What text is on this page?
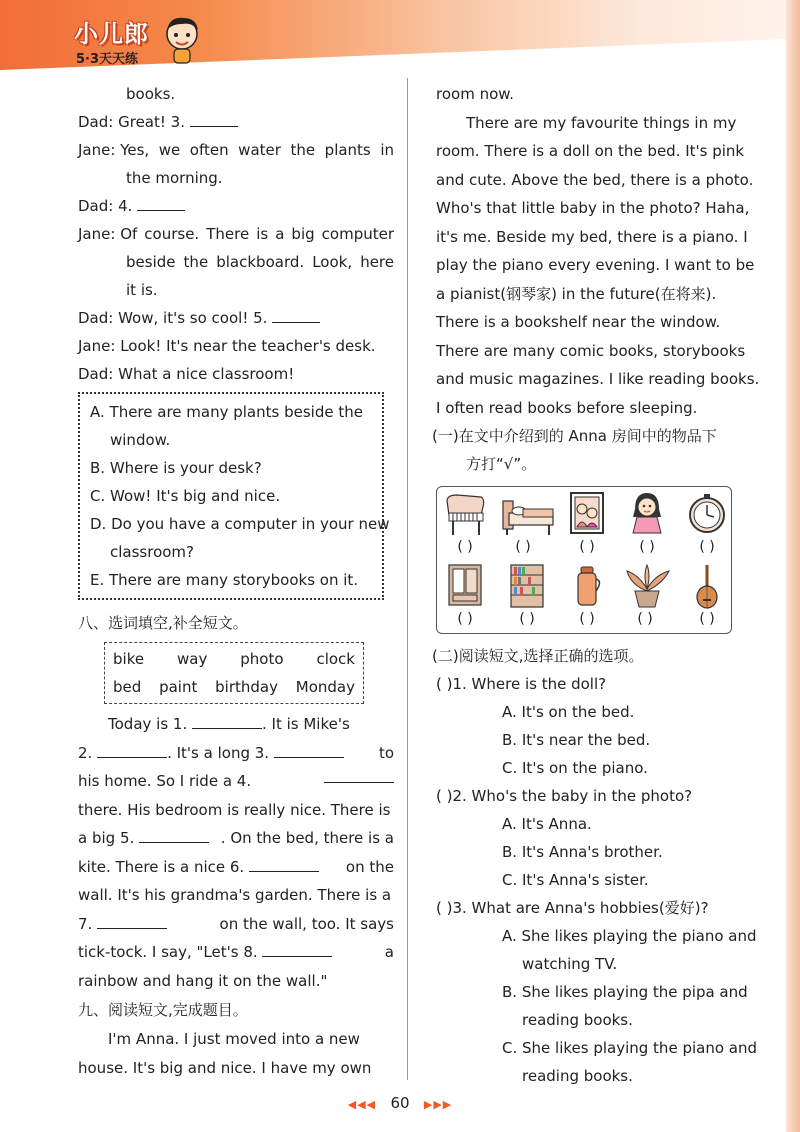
小儿郎
5·3天天练
books.
Dad: Great! 3.
Jane:
Yes, we often water the plants in
the morning.
Dad: 4.
Jane:
Of course. There is a big computer
beside the blackboard. Look, here
it is.
Dad: Wow, it's so cool! 5.
Jane: Look! It's near the teacher's desk.
Dad: What a nice classroom!
A. There are many plants beside the
window.
B. Where is your desk?
C. Wow! It's big and nice.
D. Do you have a computer in your new
classroom?
E. There are many storybooks on it.
八、选词填空,补全短文。
bike way photo clock
bed paint birthday Monday
Today is 1.	. It is Mike's
2.	. It's a long 3.	to
his home. So I ride a 4.
there. His bedroom is really nice. There is
a big 5.	. On the bed, there is a
kite. There is a nice 6.	on the
wall. It's his grandma's garden. There is a
7.	on the wall, too. It says
tick-tock. I say, "Let's 8.	a
rainbow and hang it on the wall."
九、阅读短文,完成题目。
I'm Anna. I just moved into a new
house. It's big and nice. I have my own
room now.
There are my favourite things in my
room. There is a doll on the bed. It's pink
and cute. Above the bed, there is a photo.
Who's that little baby in the photo? Haha,
it's me. Beside my bed, there is a piano. I
play the piano every evening. I want to be
a pianist(钢琴家) in the future(在将来).
There is a bookshelf near the window.
There are many comic books, storybooks
and music magazines. I like reading books.
I often read books before sleeping.
(一)在文中介绍到的 Anna 房间中的物品下
方打“√”。
( )	( )	( )	( )	( )
( )	( )	( )	( )	( )
(二)阅读短文,选择正确的选项。
( )1. Where is the doll?
A. It's on the bed.
B. It's near the bed.
C. It's on the piano.
( )2. Who's the baby in the photo?
A. It's Anna.
B. It's Anna's brother.
C. It's Anna's sister.
( )3. What are Anna's hobbies(爱好)?
A. She likes playing the piano and
watching TV.
B. She likes playing the pipa and
reading books.
C. She likes playing the piano and
reading books.
◀◀◀ 60 ▶▶▶
